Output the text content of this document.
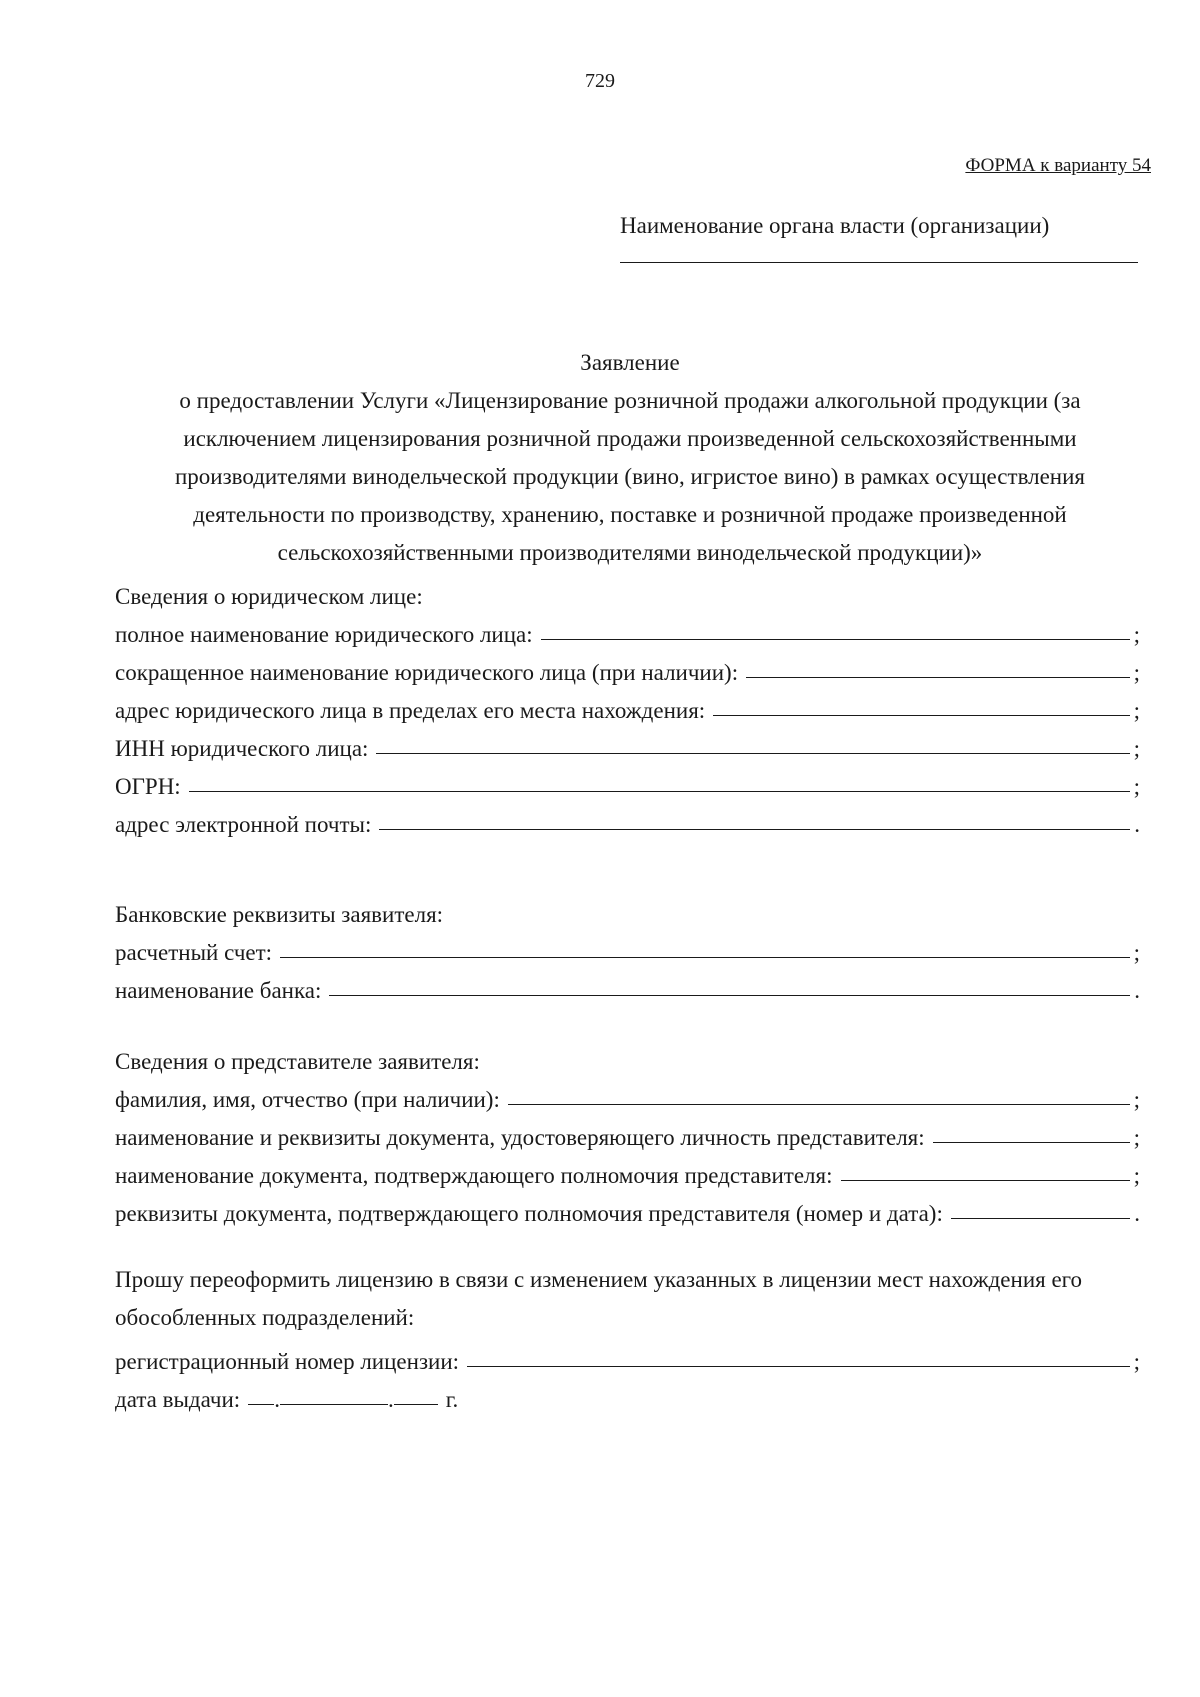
729
ФОРМА к варианту 54
Наименование органа власти (организации)
Заявление
о предоставлении Услуги «Лицензирование розничной продажи алкогольной продукции (за
исключением лицензирования розничной продажи произведенной сельскохозяйственными
производителями винодельческой продукции (вино, игристое вино) в рамках осуществления
деятельности по производству, хранению, поставке и розничной продаже произведенной
сельскохозяйственными производителями винодельческой продукции)»
Сведения о юридическом лице:
полное наименование юридического лица:	;
сокращенное наименование юридического лица (при наличии):	;
адрес юридического лица в пределах его места нахождения:	;
ИНН юридического лица:	;
ОГРН:	;
адрес электронной почты:	.
Банковские реквизиты заявителя:
расчетный счет:	;
наименование банка:	.
Сведения о представителе заявителя:
фамилия, имя, отчество (при наличии):	;
наименование и реквизиты документа, удостоверяющего личность представителя:	;
наименование документа, подтверждающего полномочия представителя:	;
реквизиты документа, подтверждающего полномочия представителя (номер и дата):	.
Прошу переоформить лицензию в связи с изменением указанных в лицензии мест нахождения его
обособленных подразделений:
регистрационный номер лицензии:	;
дата выдачи: .	. г.
